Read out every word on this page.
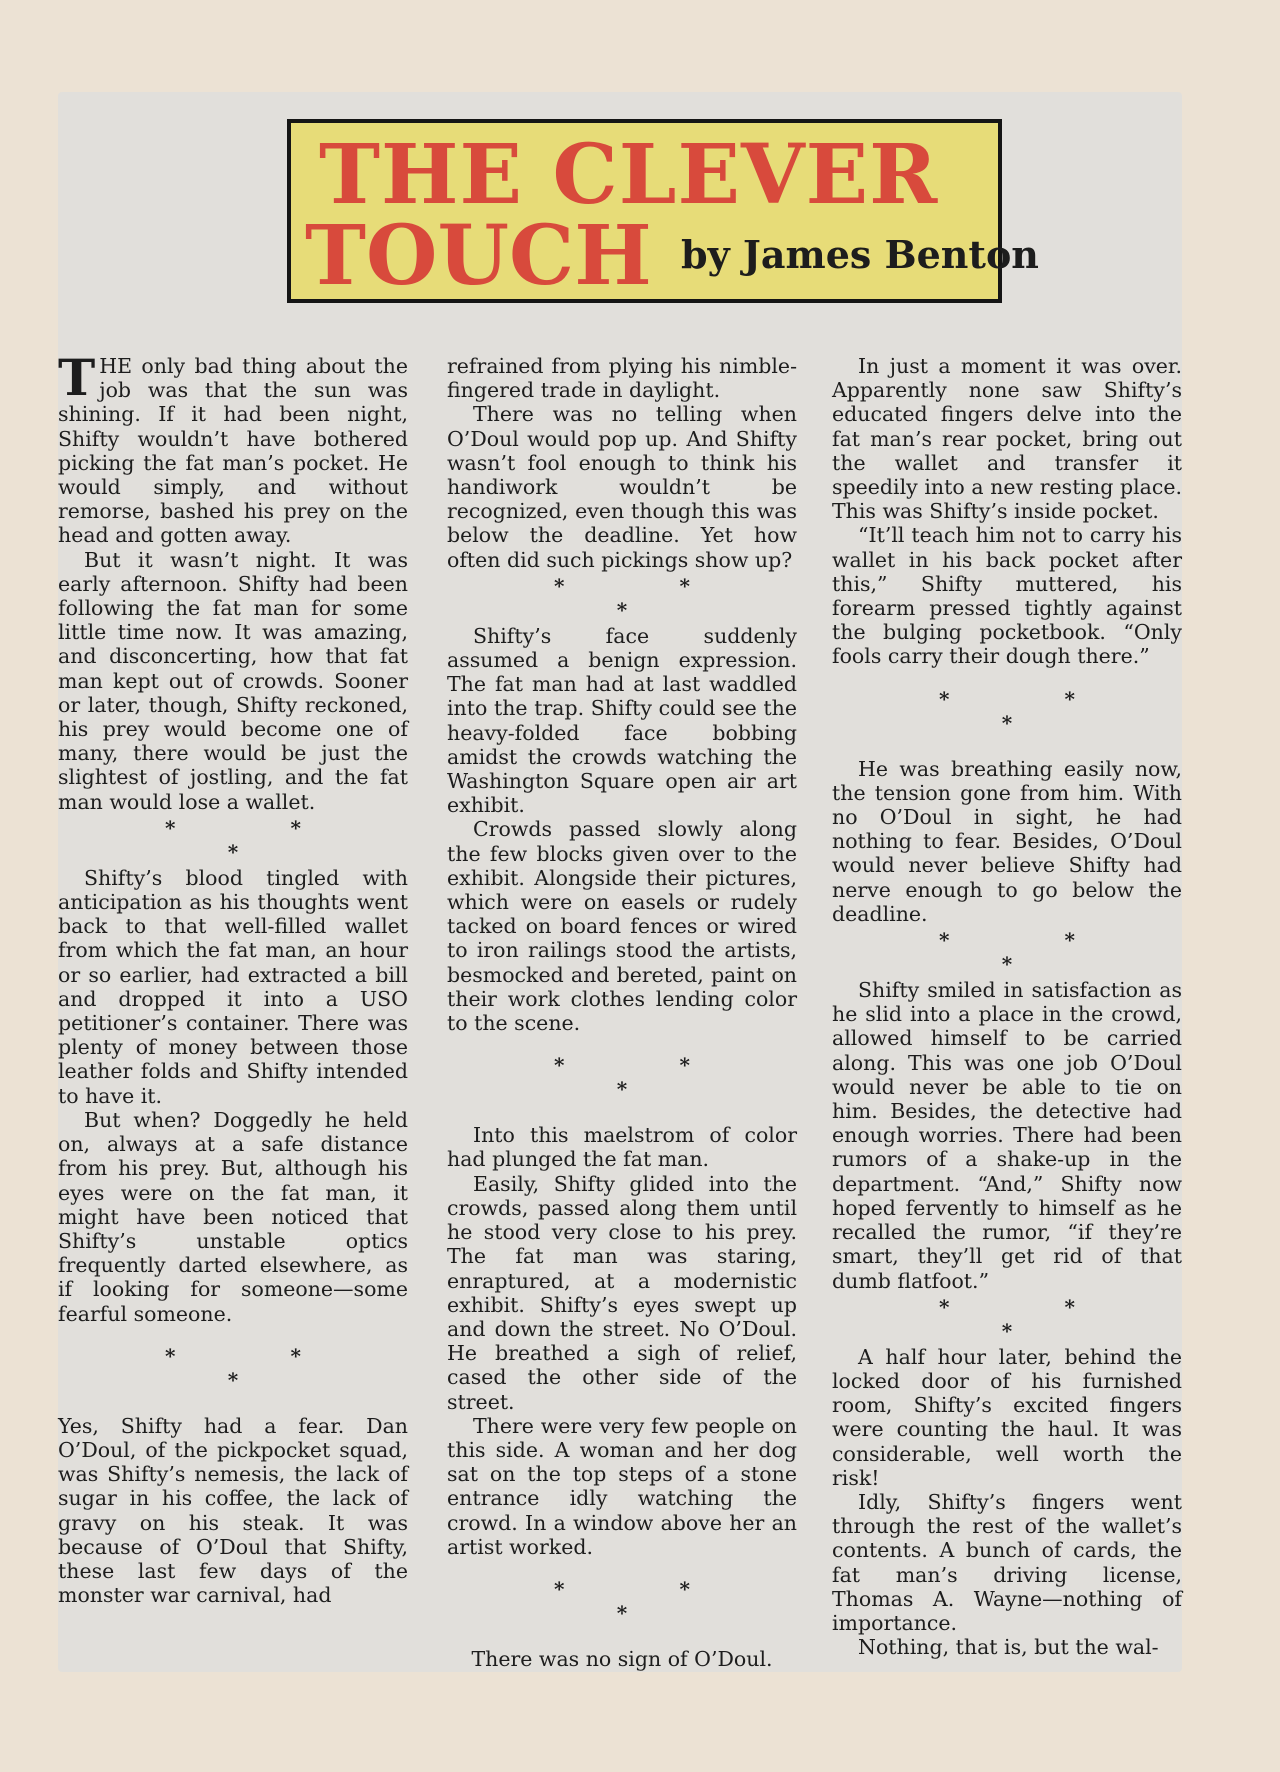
THE CLEVER
TOUCH by James Benton

THE only bad thing about the job was that the sun was shining. If it had been night, Shifty wouldn’t have bothered picking the fat man’s pocket. He would simply, and without remorse, bashed his prey on the head and gotten away.

But it wasn’t night. It was early afternoon. Shifty had been following the fat man for some little time now. It was amazing, and disconcerting, how that fat man kept out of crowds. Sooner or later, though, Shifty reckoned, his prey would become one of many, there would be just the slightest of jostling, and the fat man would lose a wallet.

* * *

Shifty’s blood tingled with anticipation as his thoughts went back to that well-filled wallet from which the fat man, an hour or so earlier, had extracted a bill and dropped it into a USO petitioner’s container. There was plenty of money between those leather folds and Shifty intended to have it.

But when? Doggedly he held on, always at a safe distance from his prey. But, although his eyes were on the fat man, it might have been noticed that Shifty’s unstable optics frequently darted elsewhere, as if looking for someone—some fearful someone.

* * *

Yes, Shifty had a fear. Dan O’Doul, of the pickpocket squad, was Shifty’s nemesis, the lack of sugar in his coffee, the lack of gravy on his steak. It was because of O’Doul that Shifty, these last few days of the monster war carnival, had

refrained from plying his nimble-fingered trade in daylight.

There was no telling when O’Doul would pop up. And Shifty wasn’t fool enough to think his handiwork wouldn’t be recognized, even though this was below the deadline. Yet how often did such pickings show up?

* * *

Shifty’s face suddenly assumed a benign expression. The fat man had at last waddled into the trap. Shifty could see the heavy-folded face bobbing amidst the crowds watching the Washington Square open air art exhibit.

Crowds passed slowly along the few blocks given over to the exhibit. Alongside their pictures, which were on easels or rudely tacked on board fences or wired to iron railings stood the artists, besmocked and bereted, paint on their work clothes lending color to the scene.

* * *

Into this maelstrom of color had plunged the fat man.

Easily, Shifty glided into the crowds, passed along them until he stood very close to his prey. The fat man was staring, enraptured, at a modernistic exhibit. Shifty’s eyes swept up and down the street. No O’Doul. He breathed a sigh of relief, cased the other side of the street.

There were very few people on this side. A woman and her dog sat on the top steps of a stone entrance idly watching the crowd. In a window above her an artist worked.

* * *

There was no sign of O’Doul.

In just a moment it was over. Apparently none saw Shifty’s educated fingers delve into the fat man’s rear pocket, bring out the wallet and transfer it speedily into a new resting place. This was Shifty’s inside pocket.

“It’ll teach him not to carry his wallet in his back pocket after this,” Shifty muttered, his forearm pressed tightly against the bulging pocketbook. “Only fools carry their dough there.”

* * *

He was breathing easily now, the tension gone from him. With no O’Doul in sight, he had nothing to fear. Besides, O’Doul would never believe Shifty had nerve enough to go below the deadline.

* * *

Shifty smiled in satisfaction as he slid into a place in the crowd, allowed himself to be carried along. This was one job O’Doul would never be able to tie on him. Besides, the detective had enough worries. There had been rumors of a shake-up in the department. “And,” Shifty now hoped fervently to himself as he recalled the rumor, “if they’re smart, they’ll get rid of that dumb flatfoot.”

* * *

A half hour later, behind the locked door of his furnished room, Shifty’s excited fingers were counting the haul. It was considerable, well worth the risk!

Idly, Shifty’s fingers went through the rest of the wallet’s contents. A bunch of cards, the fat man’s driving license, Thomas A. Wayne—nothing of importance.

Nothing, that is, but the wal-
